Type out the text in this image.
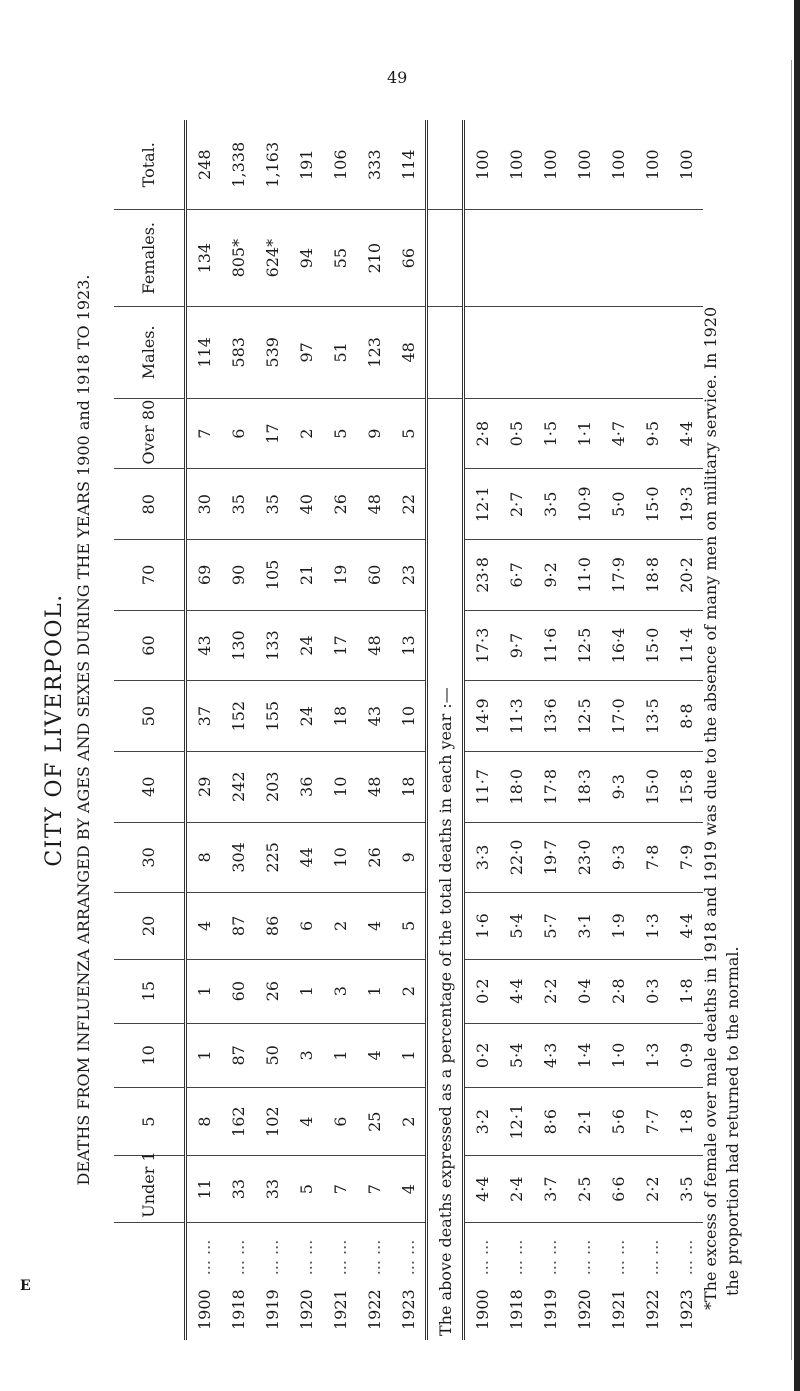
49
E
CITY OF LIVERPOOL. DEATHS FROM INFLUENZA ARRANGED BY AGES AND SEXES DURING THE YEARS 1900 and 1918 TO 1923.
	Under 1	5	10	15	20	30	40	50	60	70	80	Over 80	Males.	Females.	Total.
1900... ...	11	8	1	1	4	8	29	37	43	69	30	7	114	134	248
1918... ...	33	162	87	60	87	304	242	152	130	90	35	6	583	805*	1,338
1919... ...	33	102	50	26	86	225	203	155	133	105	35	17	539	624*	1,163
1920... ...	5	4	3	1	6	44	36	24	24	21	40	2	97	94	191
1921... ...	7	6	1	3	2	10	10	18	17	19	26	5	51	55	106
1922... ...	7	25	4	1	4	26	48	43	48	60	48	9	123	210	333
1923... ...	4	2	1	2	5	9	18	10	13	23	22	5	48	66	114
The above deaths expressed as a percentage of the total deaths in each year :—															
1900... ...	4·4	3·2	0·2	0·2	1·6	3·3	11·7	14·9	17·3	23·8	12·1	2·8			100
1918... ...	2·4	12·1	5·4	4·4	5·4	22·0	18·0	11·3	9·7	6·7	2·7	0·5			100
1919... ...	3·7	8·6	4·3	2·2	5·7	19·7	17·8	13·6	11·6	9·2	3·5	1·5			100
1920... ...	2·5	2·1	1·4	0·4	3·1	23·0	18·3	12·5	12·5	11·0	10·9	1·1			100
1921... ...	6·6	5·6	1·0	2·8	1·9	9·3	9·3	17·0	16·4	17·9	5·0	4·7			100
1922... ...	2·2	7·7	1·3	0·3	1·3	7·8	15·0	13·5	15·0	18·8	15·0	9·5			100
1923... ...	3·5	1·8	0·9	1·8	4·4	7·9	15·8	8·8	11·4	20·2	19·3	4·4			100
*The excess of female over male deaths in 1918 and 1919 was due to the absence of many men on military service. In 1920 the proportion had returned to the normal.
